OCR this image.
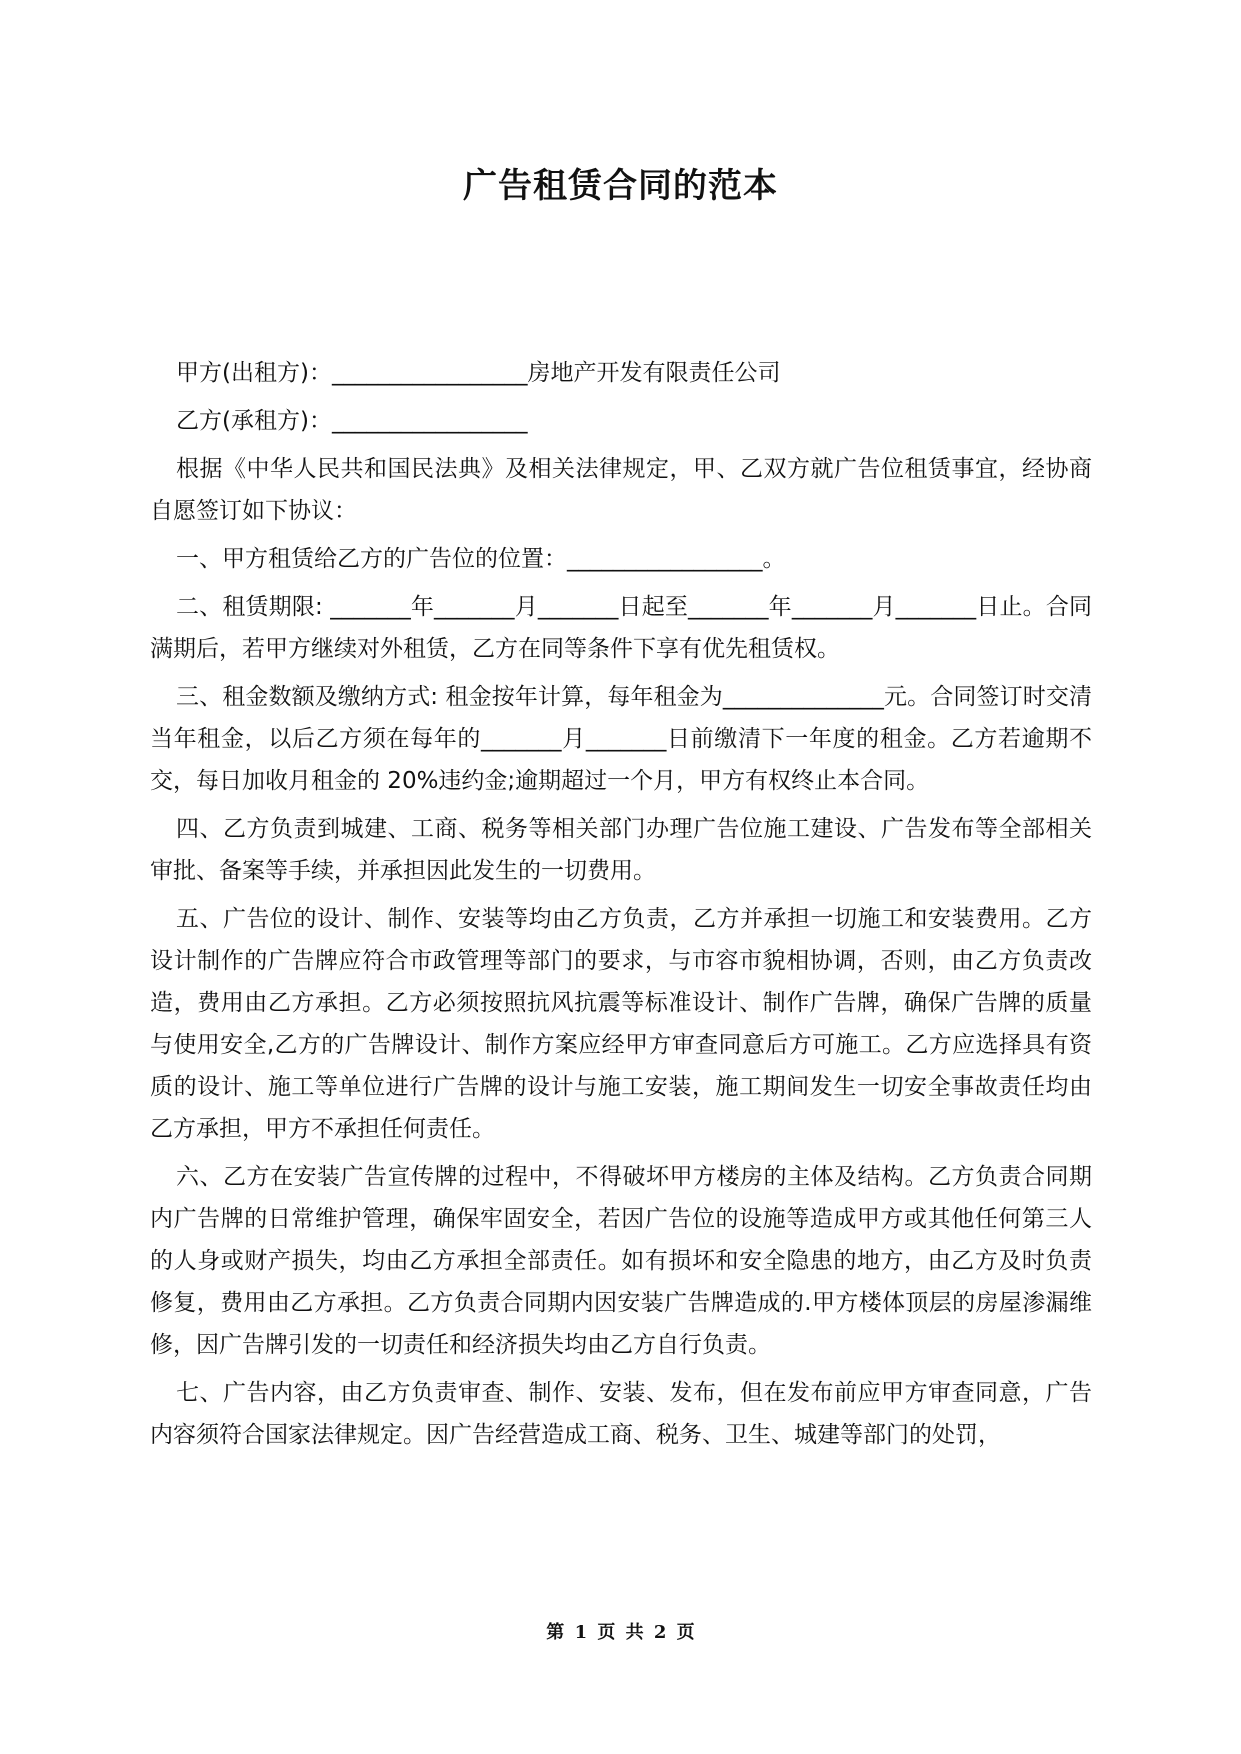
广告租赁合同的范本

甲方(出租方)：_________________房地产开发有限责任公司

乙方(承租方)：_________________

根据《中华人民共和国民法典》及相关法律规定，甲、乙双方就广告位租赁事宜，经协商自愿签订如下协议：

一、甲方租赁给乙方的广告位的位置：_________________。

二、租赁期限: _______年_______月_______日起至_______年_______月_______日止。合同满期后，若甲方继续对外租赁，乙方在同等条件下享有优先租赁权。

三、租金数额及缴纳方式: 租金按年计算，每年租金为______________元。合同签订时交清当年租金，以后乙方须在每年的_______月_______日前缴清下一年度的租金。乙方若逾期不交，每日加收月租金的 20%违约金;逾期超过一个月，甲方有权终止本合同。

四、乙方负责到城建、工商、税务等相关部门办理广告位施工建设、广告发布等全部相关审批、备案等手续，并承担因此发生的一切费用。

五、广告位的设计、制作、安装等均由乙方负责，乙方并承担一切施工和安装费用。乙方设计制作的广告牌应符合市政管理等部门的要求，与市容市貌相协调，否则，由乙方负责改造，费用由乙方承担。乙方必须按照抗风抗震等标准设计、制作广告牌，确保广告牌的质量与使用安全,乙方的广告牌设计、制作方案应经甲方审查同意后方可施工。乙方应选择具有资质的设计、施工等单位进行广告牌的设计与施工安装，施工期间发生一切安全事故责任均由乙方承担，甲方不承担任何责任。

六、乙方在安装广告宣传牌的过程中，不得破坏甲方楼房的主体及结构。乙方负责合同期内广告牌的日常维护管理，确保牢固安全，若因广告位的设施等造成甲方或其他任何第三人的人身或财产损失，均由乙方承担全部责任。如有损坏和安全隐患的地方，由乙方及时负责修复，费用由乙方承担。乙方负责合同期内因安装广告牌造成的.甲方楼体顶层的房屋渗漏维修，因广告牌引发的一切责任和经济损失均由乙方自行负责。

七、广告内容，由乙方负责审查、制作、安装、发布，但在发布前应甲方审查同意，广告内容须符合国家法律规定。因广告经营造成工商、税务、卫生、城建等部门的处罚，

第 1 页 共 2 页
